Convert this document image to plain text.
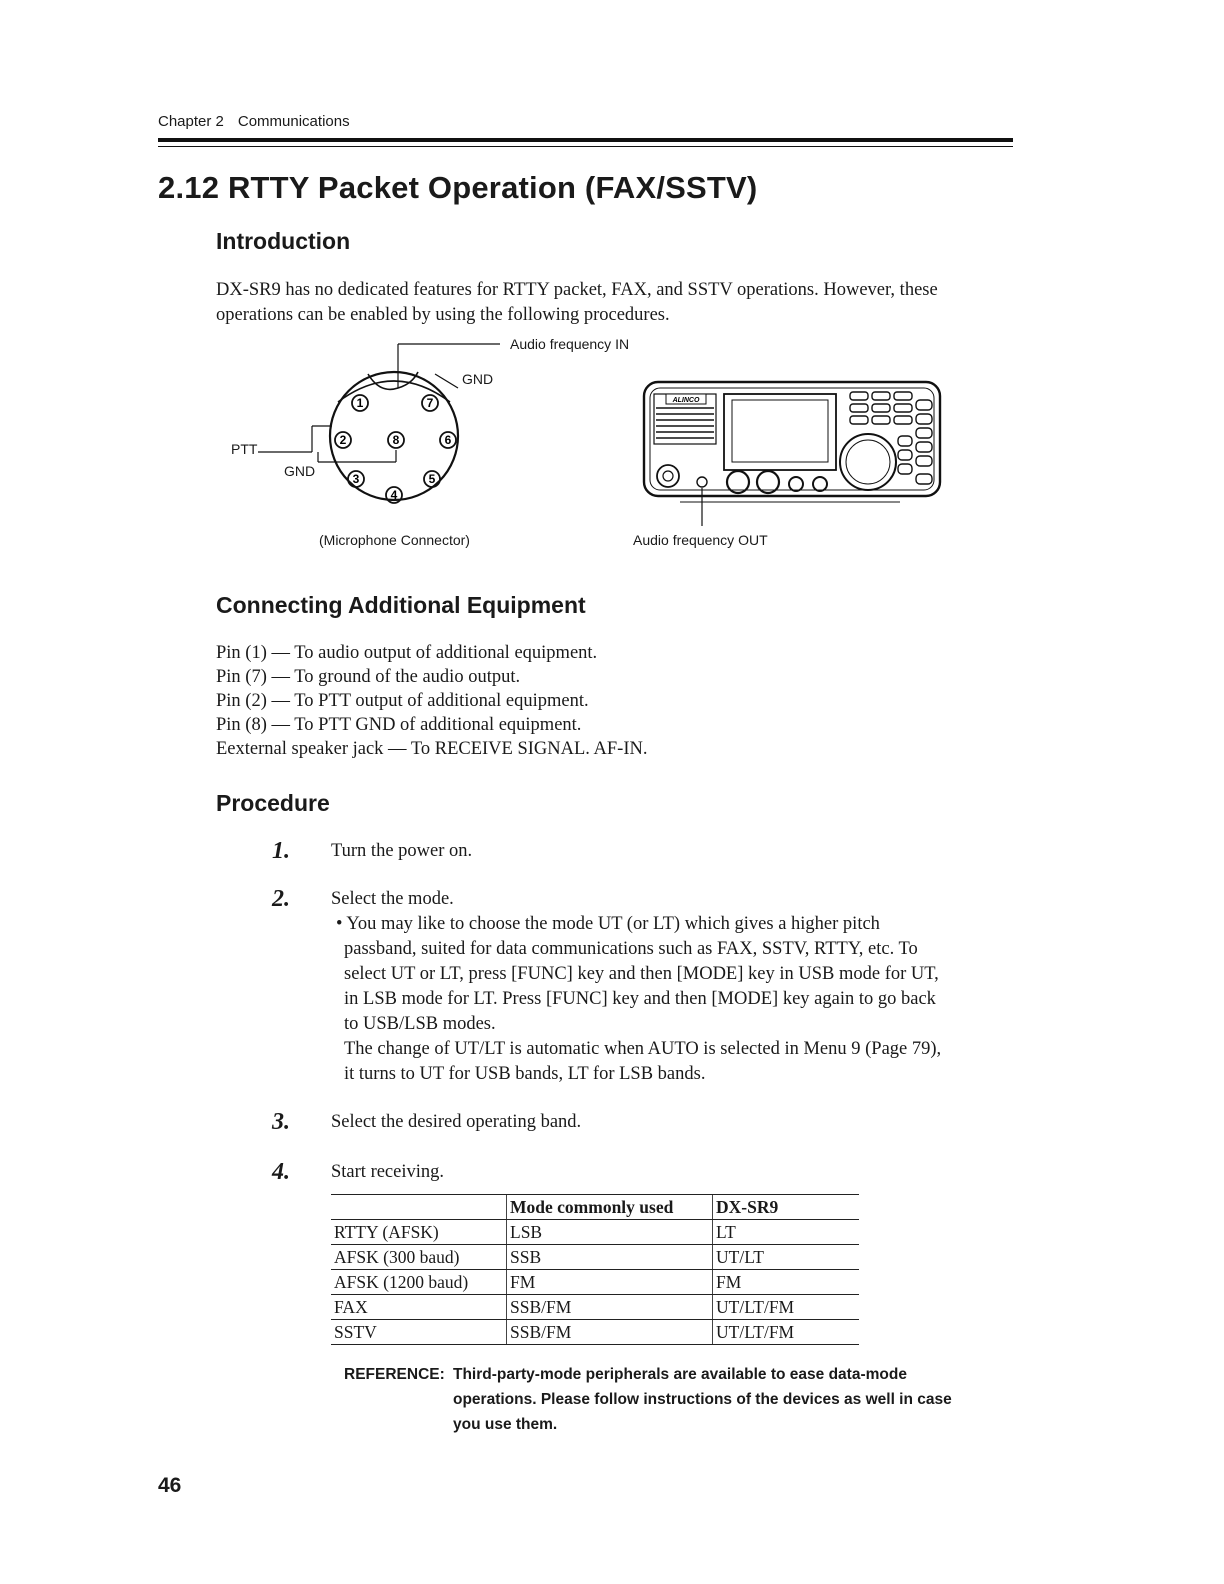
Chapter 2 Communications
2.12 RTTY Packet Operation (FAX/SSTV)
Introduction
DX-SR9 has no dedicated features for RTTY packet, FAX, and SSTV operations. However, these operations can be enabled by using the following procedures.
1	7
2	8	6
3	5
4
Audio frequency IN
GND
PTT
GND
(Microphone Connector)
ALINCO
Audio frequency OUT
Connecting Additional Equipment
Pin (1) — To audio output of additional equipment.
Pin (7) — To ground of the audio output.
Pin (2) — To PTT output of additional equipment.
Pin (8) — To PTT GND of additional equipment.
Eexternal speaker jack — To RECEIVE SIGNAL. AF-IN.
Procedure
1. Turn the power on.
2. Select the mode.
• You may like to choose the mode UT (or LT) which gives a higher pitch
passband, suited for data communications such as FAX, SSTV, RTTY, etc. To
select UT or LT, press [FUNC] key and then [MODE] key in USB mode for UT,
in LSB mode for LT. Press [FUNC] key and then [MODE] key again to go back
to USB/LSB modes.
The change of UT/LT is automatic when AUTO is selected in Menu 9 (Page 79),
it turns to UT for USB bands, LT for LSB bands.
3. Select the desired operating band.
4. Start receiving.
	Mode commonly used	DX-SR9
RTTY (AFSK)	LSB	LT
AFSK (300 baud)	SSB	UT/LT
AFSK (1200 baud)	FM	FM
FAX	SSB/FM	UT/LT/FM
SSTV	SSB/FM	UT/LT/FM
REFERENCE: Third-party-mode peripherals are available to ease data-mode
operations. Please follow instructions of the devices as well in case
you use them.
46
